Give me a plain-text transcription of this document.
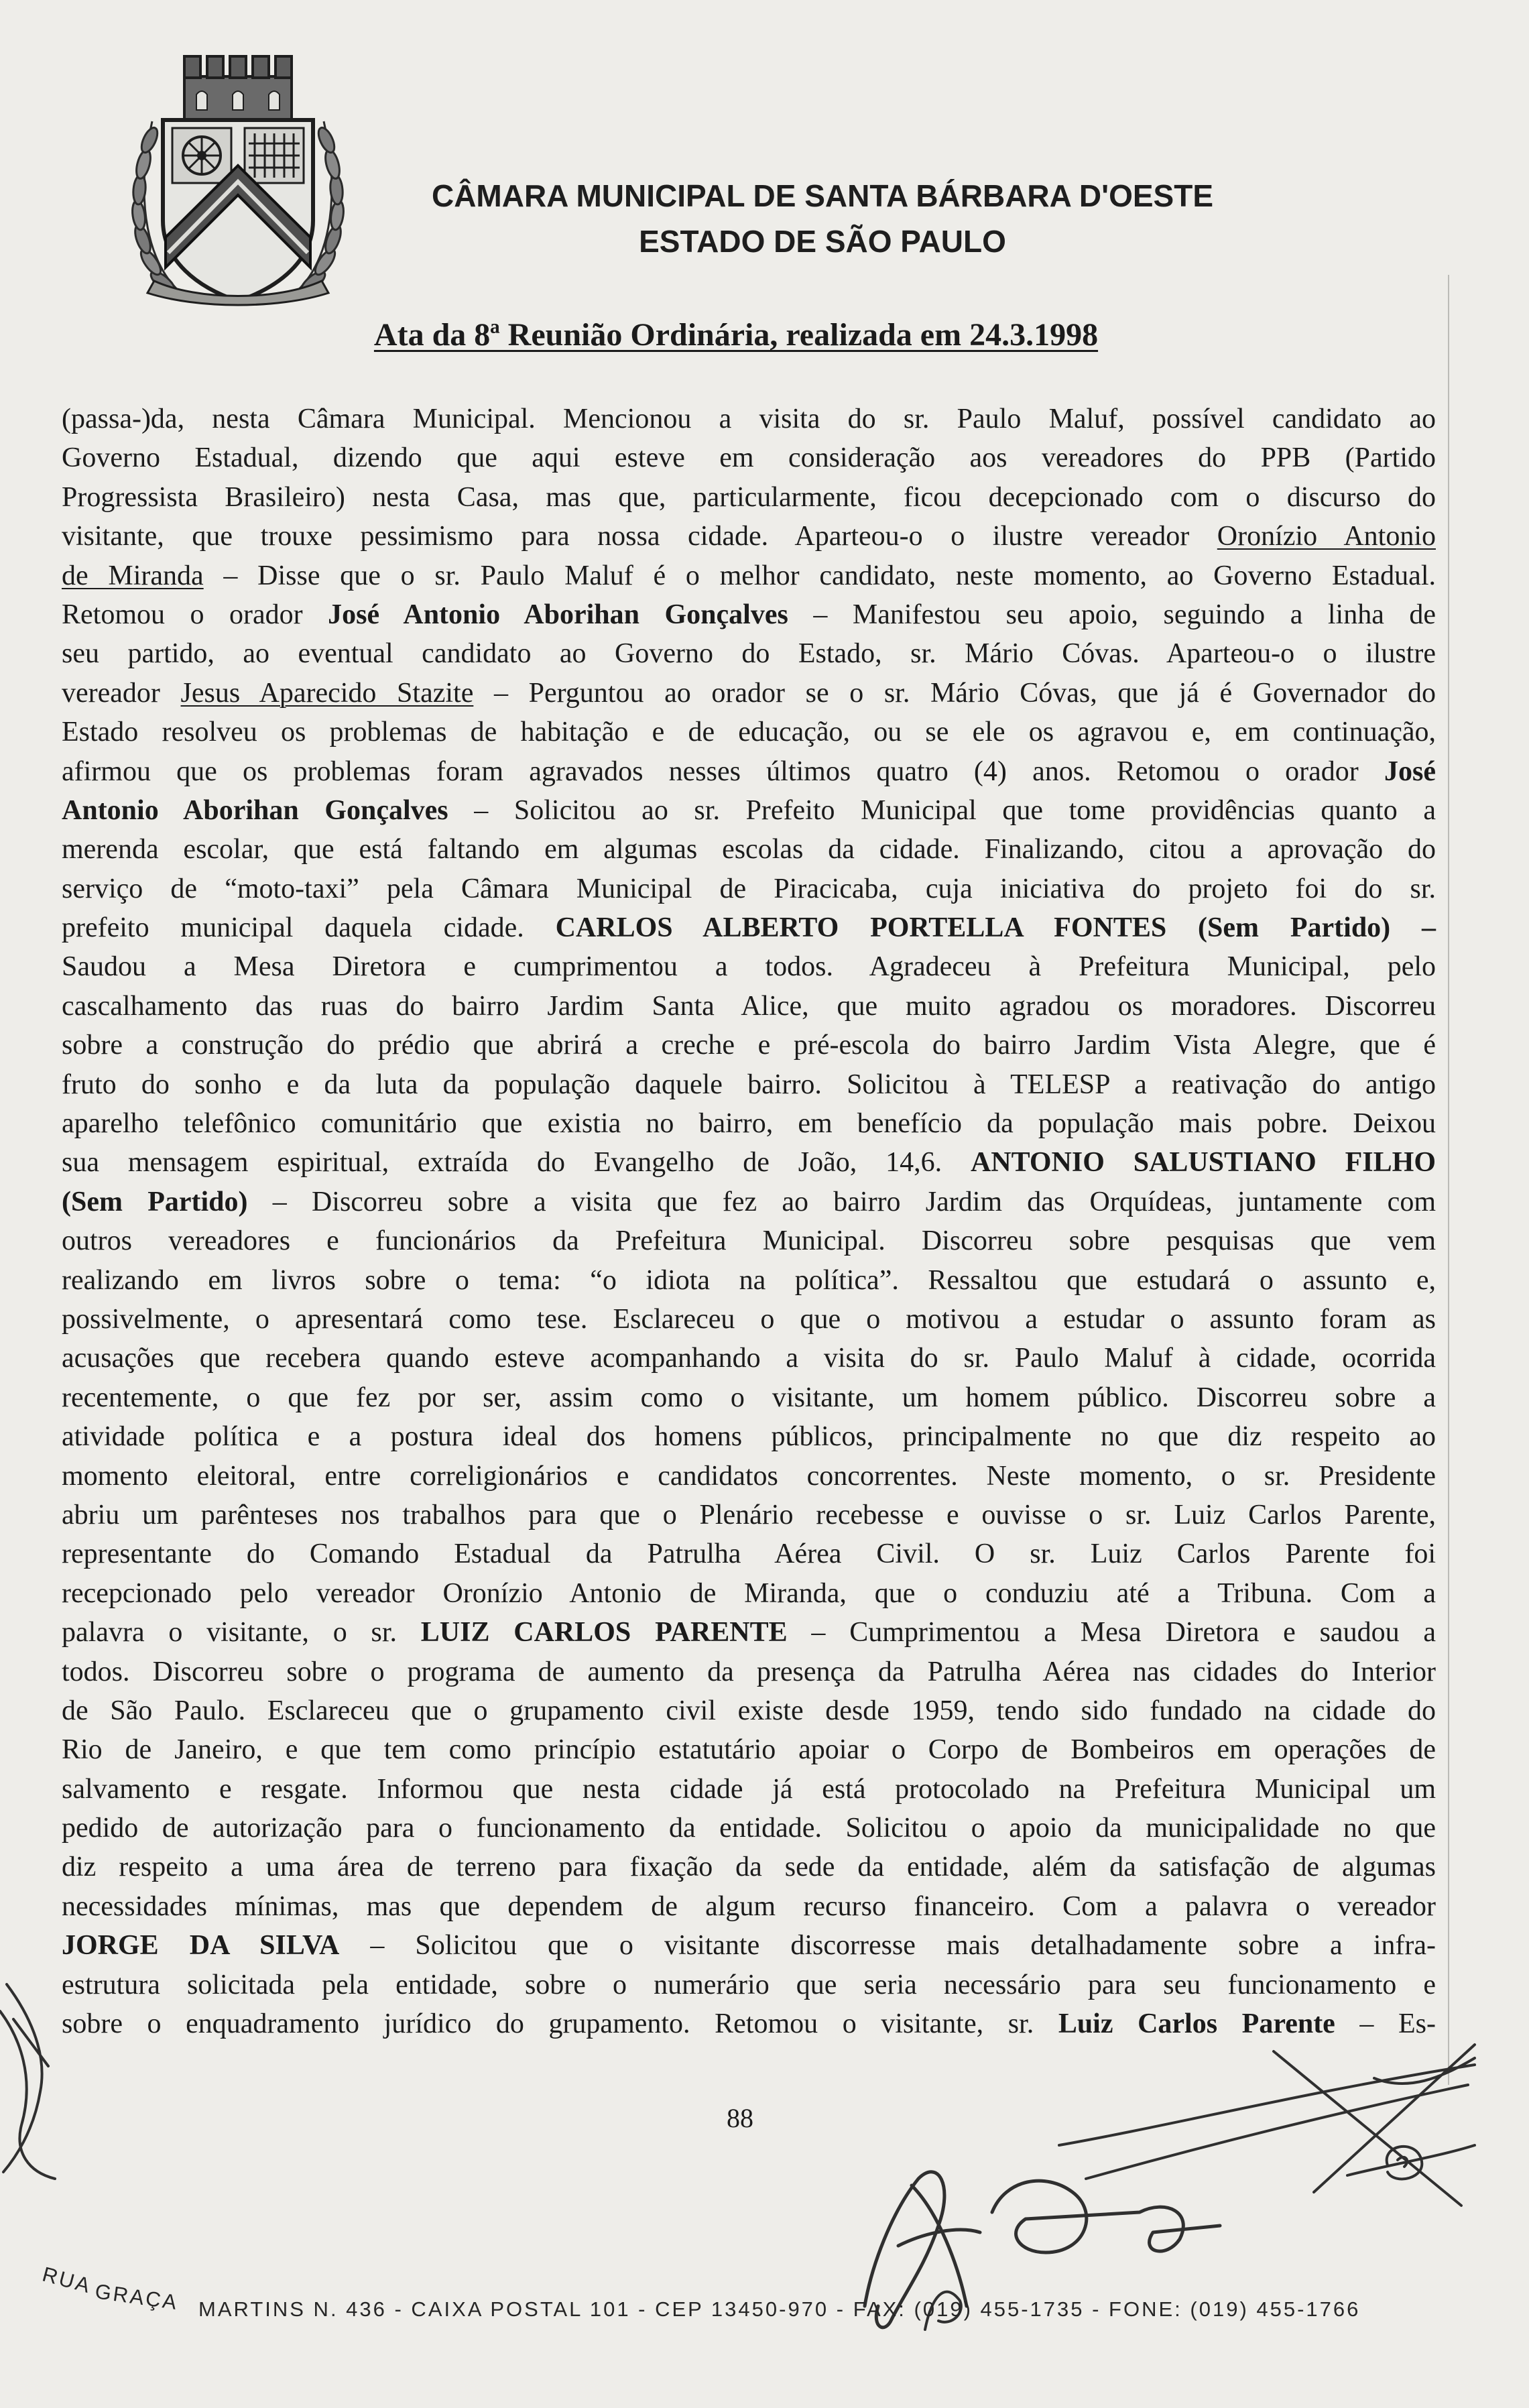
CÂMARA MUNICIPAL DE SANTA BÁRBARA D'OESTE
ESTADO DE SÃO PAULO
Ata da 8ª Reunião Ordinária, realizada em 24.3.1998
(passa-)da, nesta Câmara Municipal. Mencionou a visita do sr. Paulo Maluf, possível candidato ao
Governo Estadual, dizendo que aqui esteve em consideração aos vereadores do PPB (Partido
Progressista Brasileiro) nesta Casa, mas que, particularmente, ficou decepcionado com o discurso do
visitante, que trouxe pessimismo para nossa cidade. Aparteou-o o ilustre vereador Oronízio Antonio
de Miranda – Disse que o sr. Paulo Maluf é o melhor candidato, neste momento, ao Governo Estadual.
Retomou o orador José Antonio Aborihan Gonçalves – Manifestou seu apoio, seguindo a linha de
seu partido, ao eventual candidato ao Governo do Estado, sr. Mário Cóvas. Aparteou-o o ilustre
vereador Jesus Aparecido Stazite – Perguntou ao orador se o sr. Mário Cóvas, que já é Governador do
Estado resolveu os problemas de habitação e de educação, ou se ele os agravou e, em continuação,
afirmou que os problemas foram agravados nesses últimos quatro (4) anos. Retomou o orador José
Antonio Aborihan Gonçalves – Solicitou ao sr. Prefeito Municipal que tome providências quanto a
merenda escolar, que está faltando em algumas escolas da cidade. Finalizando, citou a aprovação do
serviço de “moto-taxi” pela Câmara Municipal de Piracicaba, cuja iniciativa do projeto foi do sr.
prefeito municipal daquela cidade. CARLOS ALBERTO PORTELLA FONTES (Sem Partido) –
Saudou a Mesa Diretora e cumprimentou a todos. Agradeceu à Prefeitura Municipal, pelo
cascalhamento das ruas do bairro Jardim Santa Alice, que muito agradou os moradores. Discorreu
sobre a construção do prédio que abrirá a creche e pré-escola do bairro Jardim Vista Alegre, que é
fruto do sonho e da luta da população daquele bairro. Solicitou à TELESP a reativação do antigo
aparelho telefônico comunitário que existia no bairro, em benefício da população mais pobre. Deixou
sua mensagem espiritual, extraída do Evangelho de João, 14,6. ANTONIO SALUSTIANO FILHO
(Sem Partido) – Discorreu sobre a visita que fez ao bairro Jardim das Orquídeas, juntamente com
outros vereadores e funcionários da Prefeitura Municipal. Discorreu sobre pesquisas que vem
realizando em livros sobre o tema: “o idiota na política”. Ressaltou que estudará o assunto e,
possivelmente, o apresentará como tese. Esclareceu o que o motivou a estudar o assunto foram as
acusações que recebera quando esteve acompanhando a visita do sr. Paulo Maluf à cidade, ocorrida
recentemente, o que fez por ser, assim como o visitante, um homem público. Discorreu sobre a
atividade política e a postura ideal dos homens públicos, principalmente no que diz respeito ao
momento eleitoral, entre correligionários e candidatos concorrentes. Neste momento, o sr. Presidente
abriu um parênteses nos trabalhos para que o Plenário recebesse e ouvisse o sr. Luiz Carlos Parente,
representante do Comando Estadual da Patrulha Aérea Civil. O sr. Luiz Carlos Parente foi
recepcionado pelo vereador Oronízio Antonio de Miranda, que o conduziu até a Tribuna. Com a
palavra o visitante, o sr. LUIZ CARLOS PARENTE – Cumprimentou a Mesa Diretora e saudou a
todos. Discorreu sobre o programa de aumento da presença da Patrulha Aérea nas cidades do Interior
de São Paulo. Esclareceu que o grupamento civil existe desde 1959, tendo sido fundado na cidade do
Rio de Janeiro, e que tem como princípio estatutário apoiar o Corpo de Bombeiros em operações de
salvamento e resgate. Informou que nesta cidade já está protocolado na Prefeitura Municipal um
pedido de autorização para o funcionamento da entidade. Solicitou o apoio da municipalidade no que
diz respeito a uma área de terreno para fixação da sede da entidade, além da satisfação de algumas
necessidades mínimas, mas que dependem de algum recurso financeiro. Com a palavra o vereador
JORGE DA SILVA – Solicitou que o visitante discorresse mais detalhadamente sobre a infra-
estrutura solicitada pela entidade, sobre o numerário que seria necessário para seu funcionamento e
sobre o enquadramento jurídico do grupamento. Retomou o visitante, sr. Luiz Carlos Parente – Es-
88
RUA GRAÇA MARTINS N. 436 - CAIXA POSTAL 101 - CEP 13450-970 - FAX: (019) 455-1735 - FONE: (019) 455-1766
